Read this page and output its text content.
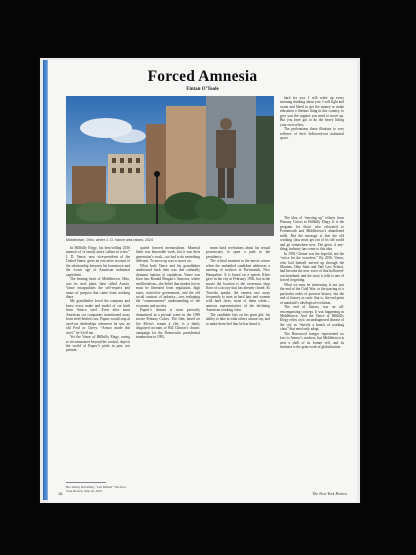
Forced Amnesia
Fintan O’Toole
Middletown, Ohio, where J. D. Vance was raised, 2024

In Hillbilly Elegy, his best-selling 2016 memoir of “a family and a culture in crisis,” J. D. Vance, now vice-president of the United States, gives an evocative account of the relationship between his hometown and the iconic age of American industrial capitalism.

The beating heart of Middletown, Ohio, was its steel plant, then called Armco. Vance encapsulates the self-respect and sense of purpose that came from working there.

My grandfather loved the company and knew every make and model of car built from Armco steel. Even after most American car companies transitioned away from steel-bodied cars, Papaw would stop at used-car dealerships whenever he saw an old Ford or Chevy. “Armco made this steel,” he’d tell me.

Yet the Vance of Hillbilly Elegy, owing to circumstances beyond his control, depicts the world of Papaw’s pride in past, not present.

quired favored memorialism. Material labor was honorable work, but it was their generation’s work—we had to do something different. To move up was to move on.

What both Vance and his grandfather understood back then was that culturally dynamic nations of capitalism. Vance was born into Ronald Reagan’s America, where neoliberalism—the belief that market forces must be liberated from regulation, high taxes, restrictive government, and the old social contract of industry—was reshaping the “commonsense” understanding of the economy and society.

Papaw’s dictum is most precisely dramatized in a pivotal scene in the 1998 movie Primary Colors. The film, based on Joe Klein’s roman à clef, is a thinly disguised account of Bill Clinton’s chaotic campaign for the Democratic presidential nomination in 1992.

mean lurid revelations about his sexual promiscuity to open a path to the presidency.

The critical moment in the movie comes when the embattled candidate addresses a meeting of workers in Portsmouth, New Hampshire. It is based on a speech Klein gave in the city in February 1992, but in the movie the location is the cavernous shop floor of a factory that has already closed. As Travolta speaks, the camera cuts away frequently to men in hard hats and women with hard faces, most of them white—anxious representatives of the declining American working class.

The candidate lays on his great gift: his ability to take in what others cannot say, and to make them feel that he has heard it.

hard for you. I will wake up every morning thinking about you. I will fight and sweat and bleed to get the money to make education a lifetime thing in this country, to give you the support you need to move up. But you have got to do the heavy lifting your own selves.

The proletarians these illusions to very reflexes of their hollowed-out industrial space.

The idea of “moving up” echoes from Primary Colors to Hillbilly Elegy. It is the program for those who relocated to Portsmouth and Middletown’s abandoned mills. But the message is that the old working class must get out of its old world and go somewhere new. The great, if any-thing, industry has come to this idea.

In 1992 Clinton was the hopeful, not the “voice for the voiceless.” By 2016, Vance, who had himself moved up through the Marines, Ohio State and Yale Law School, had become the new voice of that hollowed-out heartland, and the story it tells is one of forced forgetting.

What we may be witnessing is not just the end of the Cold War, or the passing of a particular order of postwar history, but the end of history as such: that is, the end point of mankind’s ideological evolution.

The end of history was an all-encompassing concept. It was happening in Middletown. And the Vance of Hillbilly Elegy relies on it: an undiagnosed disease of the city as “mostly a bunch of working class” that need only adapt.

The Rinewood merger represented no loss to Armco’s workers, but Middletown is now a shell of its former self, and its business is the grim work of globalization.

Her Nanny Ravishing, “Left Behind” The New York Review, June 26, 2025.
18	The New York Review
